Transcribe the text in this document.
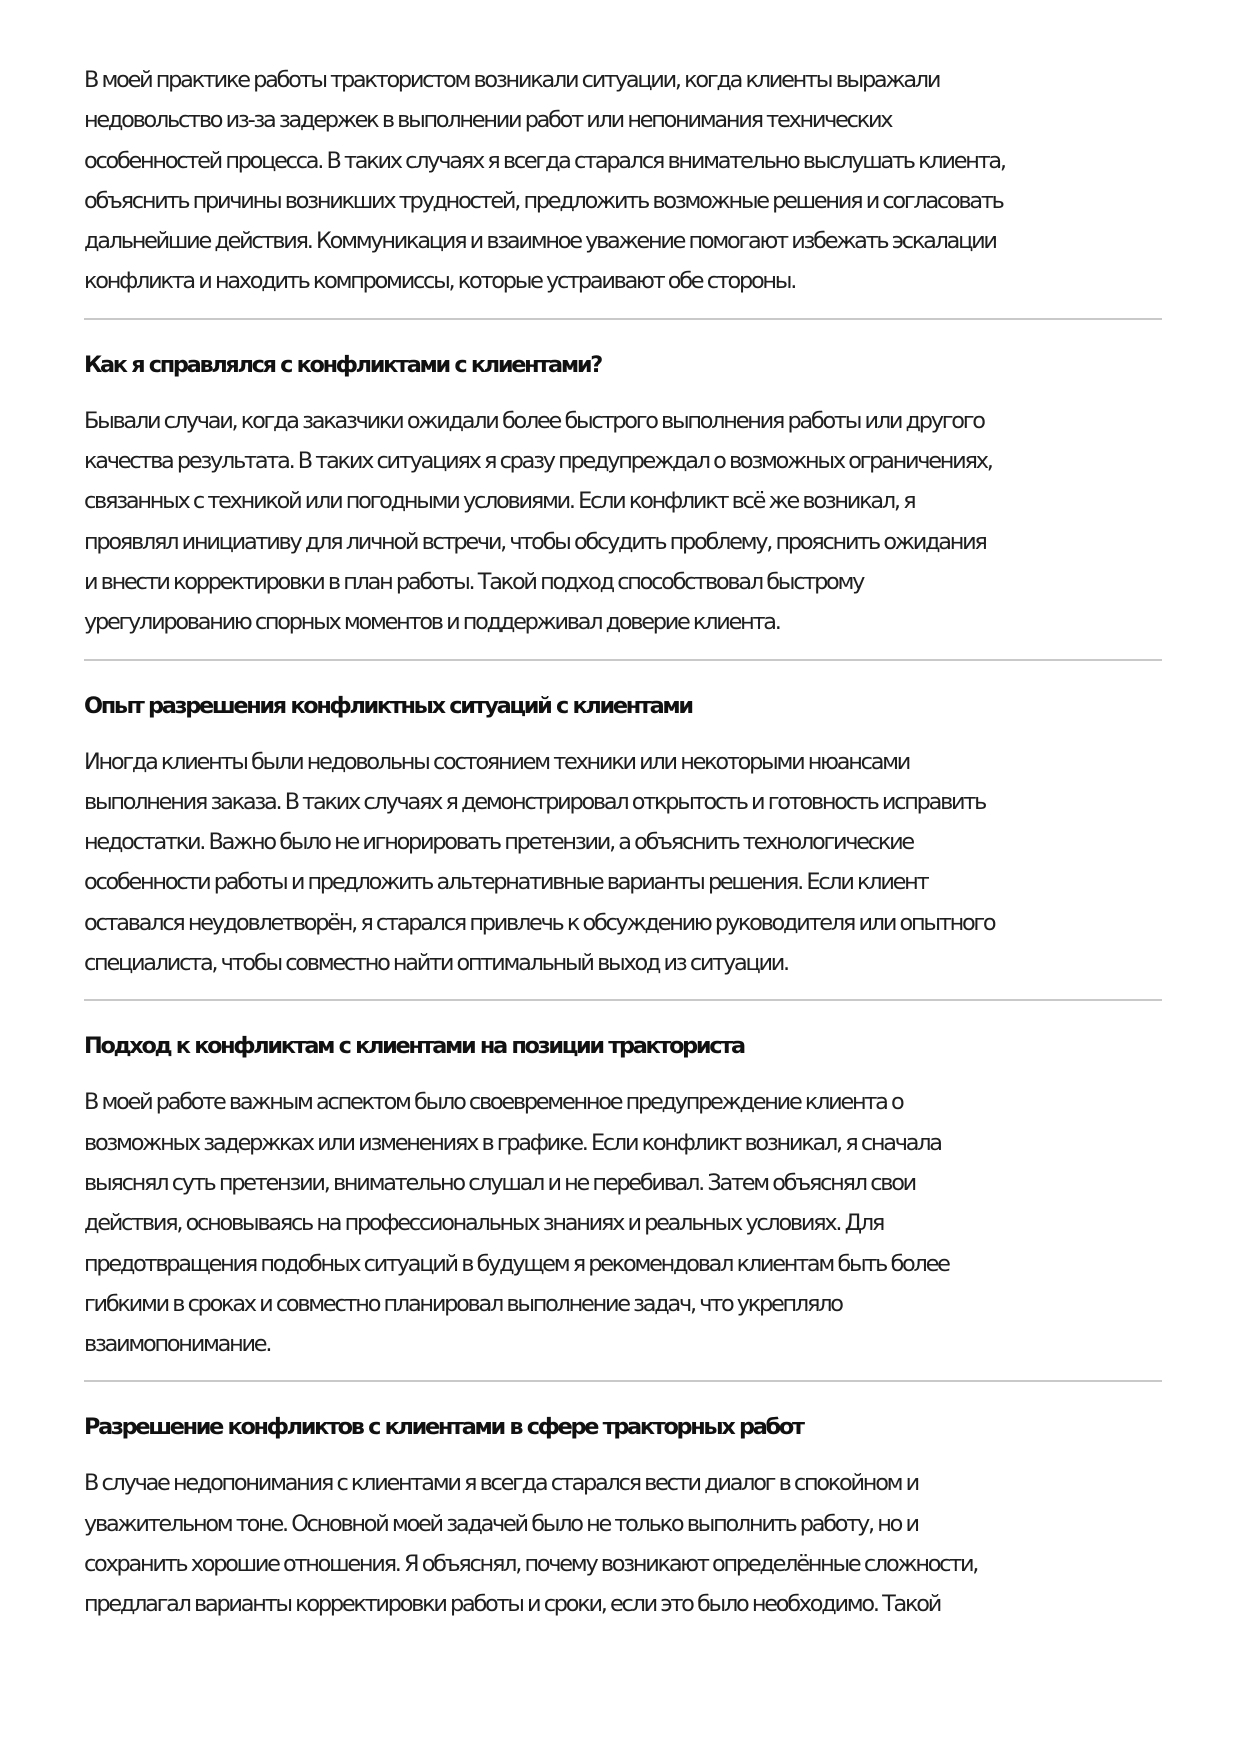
В моей практике работы трактористом возникали ситуации, когда клиенты выражали
недовольство из-за задержек в выполнении работ или непонимания технических
особенностей процесса. В таких случаях я всегда старался внимательно выслушать клиента,
объяснить причины возникших трудностей, предложить возможные решения и согласовать
дальнейшие действия. Коммуникация и взаимное уважение помогают избежать эскалации
конфликта и находить компромиссы, которые устраивают обе стороны.

Как я справлялся с конфликтами с клиентами?

Бывали случаи, когда заказчики ожидали более быстрого выполнения работы или другого
качества результата. В таких ситуациях я сразу предупреждал о возможных ограничениях,
связанных с техникой или погодными условиями. Если конфликт всё же возникал, я
проявлял инициативу для личной встречи, чтобы обсудить проблему, прояснить ожидания
и внести корректировки в план работы. Такой подход способствовал быстрому
урегулированию спорных моментов и поддерживал доверие клиента.

Опыт разрешения конфликтных ситуаций с клиентами

Иногда клиенты были недовольны состоянием техники или некоторыми нюансами
выполнения заказа. В таких случаях я демонстрировал открытость и готовность исправить
недостатки. Важно было не игнорировать претензии, а объяснить технологические
особенности работы и предложить альтернативные варианты решения. Если клиент
оставался неудовлетворён, я старался привлечь к обсуждению руководителя или опытного
специалиста, чтобы совместно найти оптимальный выход из ситуации.

Подход к конфликтам с клиентами на позиции тракториста

В моей работе важным аспектом было своевременное предупреждение клиента о
возможных задержках или изменениях в графике. Если конфликт возникал, я сначала
выяснял суть претензии, внимательно слушал и не перебивал. Затем объяснял свои
действия, основываясь на профессиональных знаниях и реальных условиях. Для
предотвращения подобных ситуаций в будущем я рекомендовал клиентам быть более
гибкими в сроках и совместно планировал выполнение задач, что укрепляло
взаимопонимание.

Разрешение конфликтов с клиентами в сфере тракторных работ

В случае недопонимания с клиентами я всегда старался вести диалог в спокойном и
уважительном тоне. Основной моей задачей было не только выполнить работу, но и
сохранить хорошие отношения. Я объяснял, почему возникают определённые сложности,
предлагал варианты корректировки работы и сроки, если это было необходимо. Такой
